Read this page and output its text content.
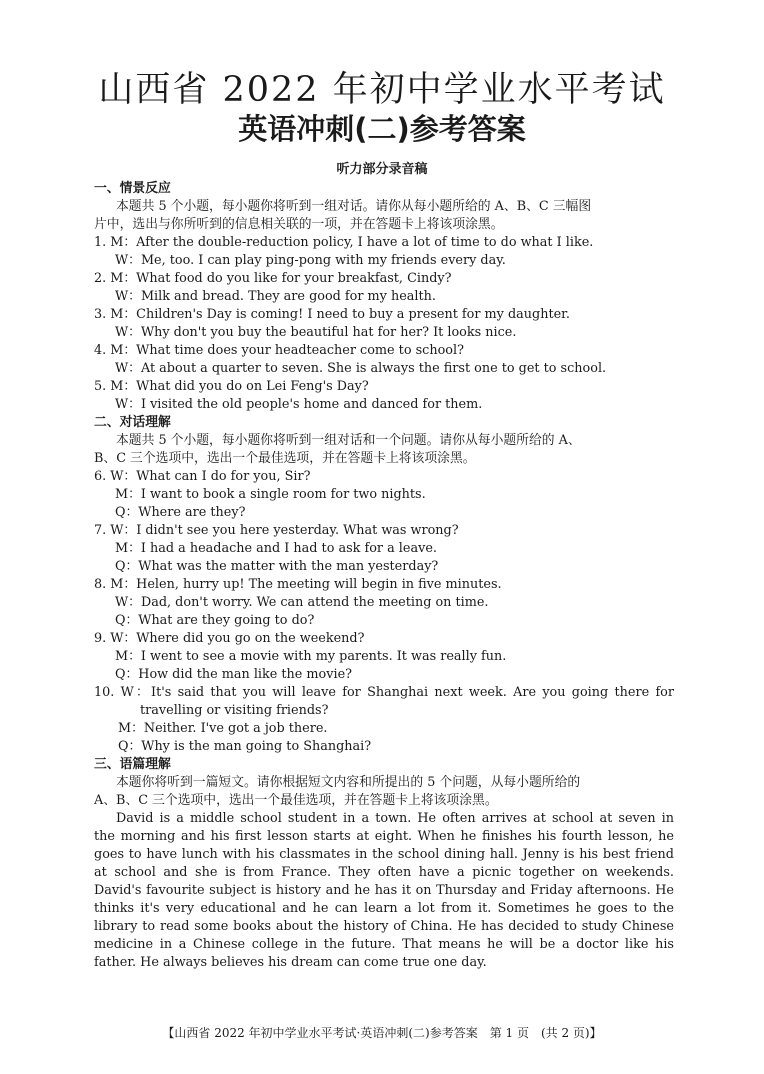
山西省 2022 年初中学业水平考试
英语冲刺(二)参考答案
听力部分录音稿
一、情景反应
本题共 5 个小题，每小题你将听到一组对话。请你从每小题所给的 A、B、C 三幅图
片中，选出与你所听到的信息相关联的一项，并在答题卡上将该项涂黑。
1. M：After the double-reduction policy, I have a lot of time to do what I like.
W：Me, too. I can play ping-pong with my friends every day.
2. M：What food do you like for your breakfast, Cindy?
W：Milk and bread. They are good for my health.
3. M：Children's Day is coming! I need to buy a present for my daughter.
W：Why don't you buy the beautiful hat for her? It looks nice.
4. M：What time does your headteacher come to school?
W：At about a quarter to seven. She is always the first one to get to school.
5. M：What did you do on Lei Feng's Day?
W：I visited the old people's home and danced for them.
二、对话理解
本题共 5 个小题，每小题你将听到一组对话和一个问题。请你从每小题所给的 A、
B、C 三个选项中，选出一个最佳选项，并在答题卡上将该项涂黑。
6. W：What can I do for you, Sir?
M：I want to book a single room for two nights.
Q：Where are they?
7. W：I didn't see you here yesterday. What was wrong?
M：I had a headache and I had to ask for a leave.
Q：What was the matter with the man yesterday?
8. M：Helen, hurry up! The meeting will begin in five minutes.
W：Dad, don't worry. We can attend the meeting on time.
Q：What are they going to do?
9. W：Where did you go on the weekend?
M：I went to see a movie with my parents. It was really fun.
Q：How did the man like the movie?
10. W：It's said that you will leave for Shanghai next week. Are you going there for
travelling or visiting friends?
M：Neither. I've got a job there.
Q：Why is the man going to Shanghai?
三、语篇理解
本题你将听到一篇短文。请你根据短文内容和所提出的 5 个问题，从每小题所给的
A、B、C 三个选项中，选出一个最佳选项，并在答题卡上将该项涂黑。
David is a middle school student in a town. He often arrives at school at seven in
the morning and his first lesson starts at eight. When he finishes his fourth lesson, he
goes to have lunch with his classmates in the school dining hall. Jenny is his best friend
at school and she is from France. They often have a picnic together on weekends.
David's favourite subject is history and he has it on Thursday and Friday afternoons. He
thinks it's very educational and he can learn a lot from it. Sometimes he goes to the
library to read some books about the history of China. He has decided to study Chinese
medicine in a Chinese college in the future. That means he will be a doctor like his
father. He always believes his dream can come true one day.
【山西省 2022 年初中学业水平考试·英语冲刺(二)参考答案　第 1 页　(共 2 页)】
